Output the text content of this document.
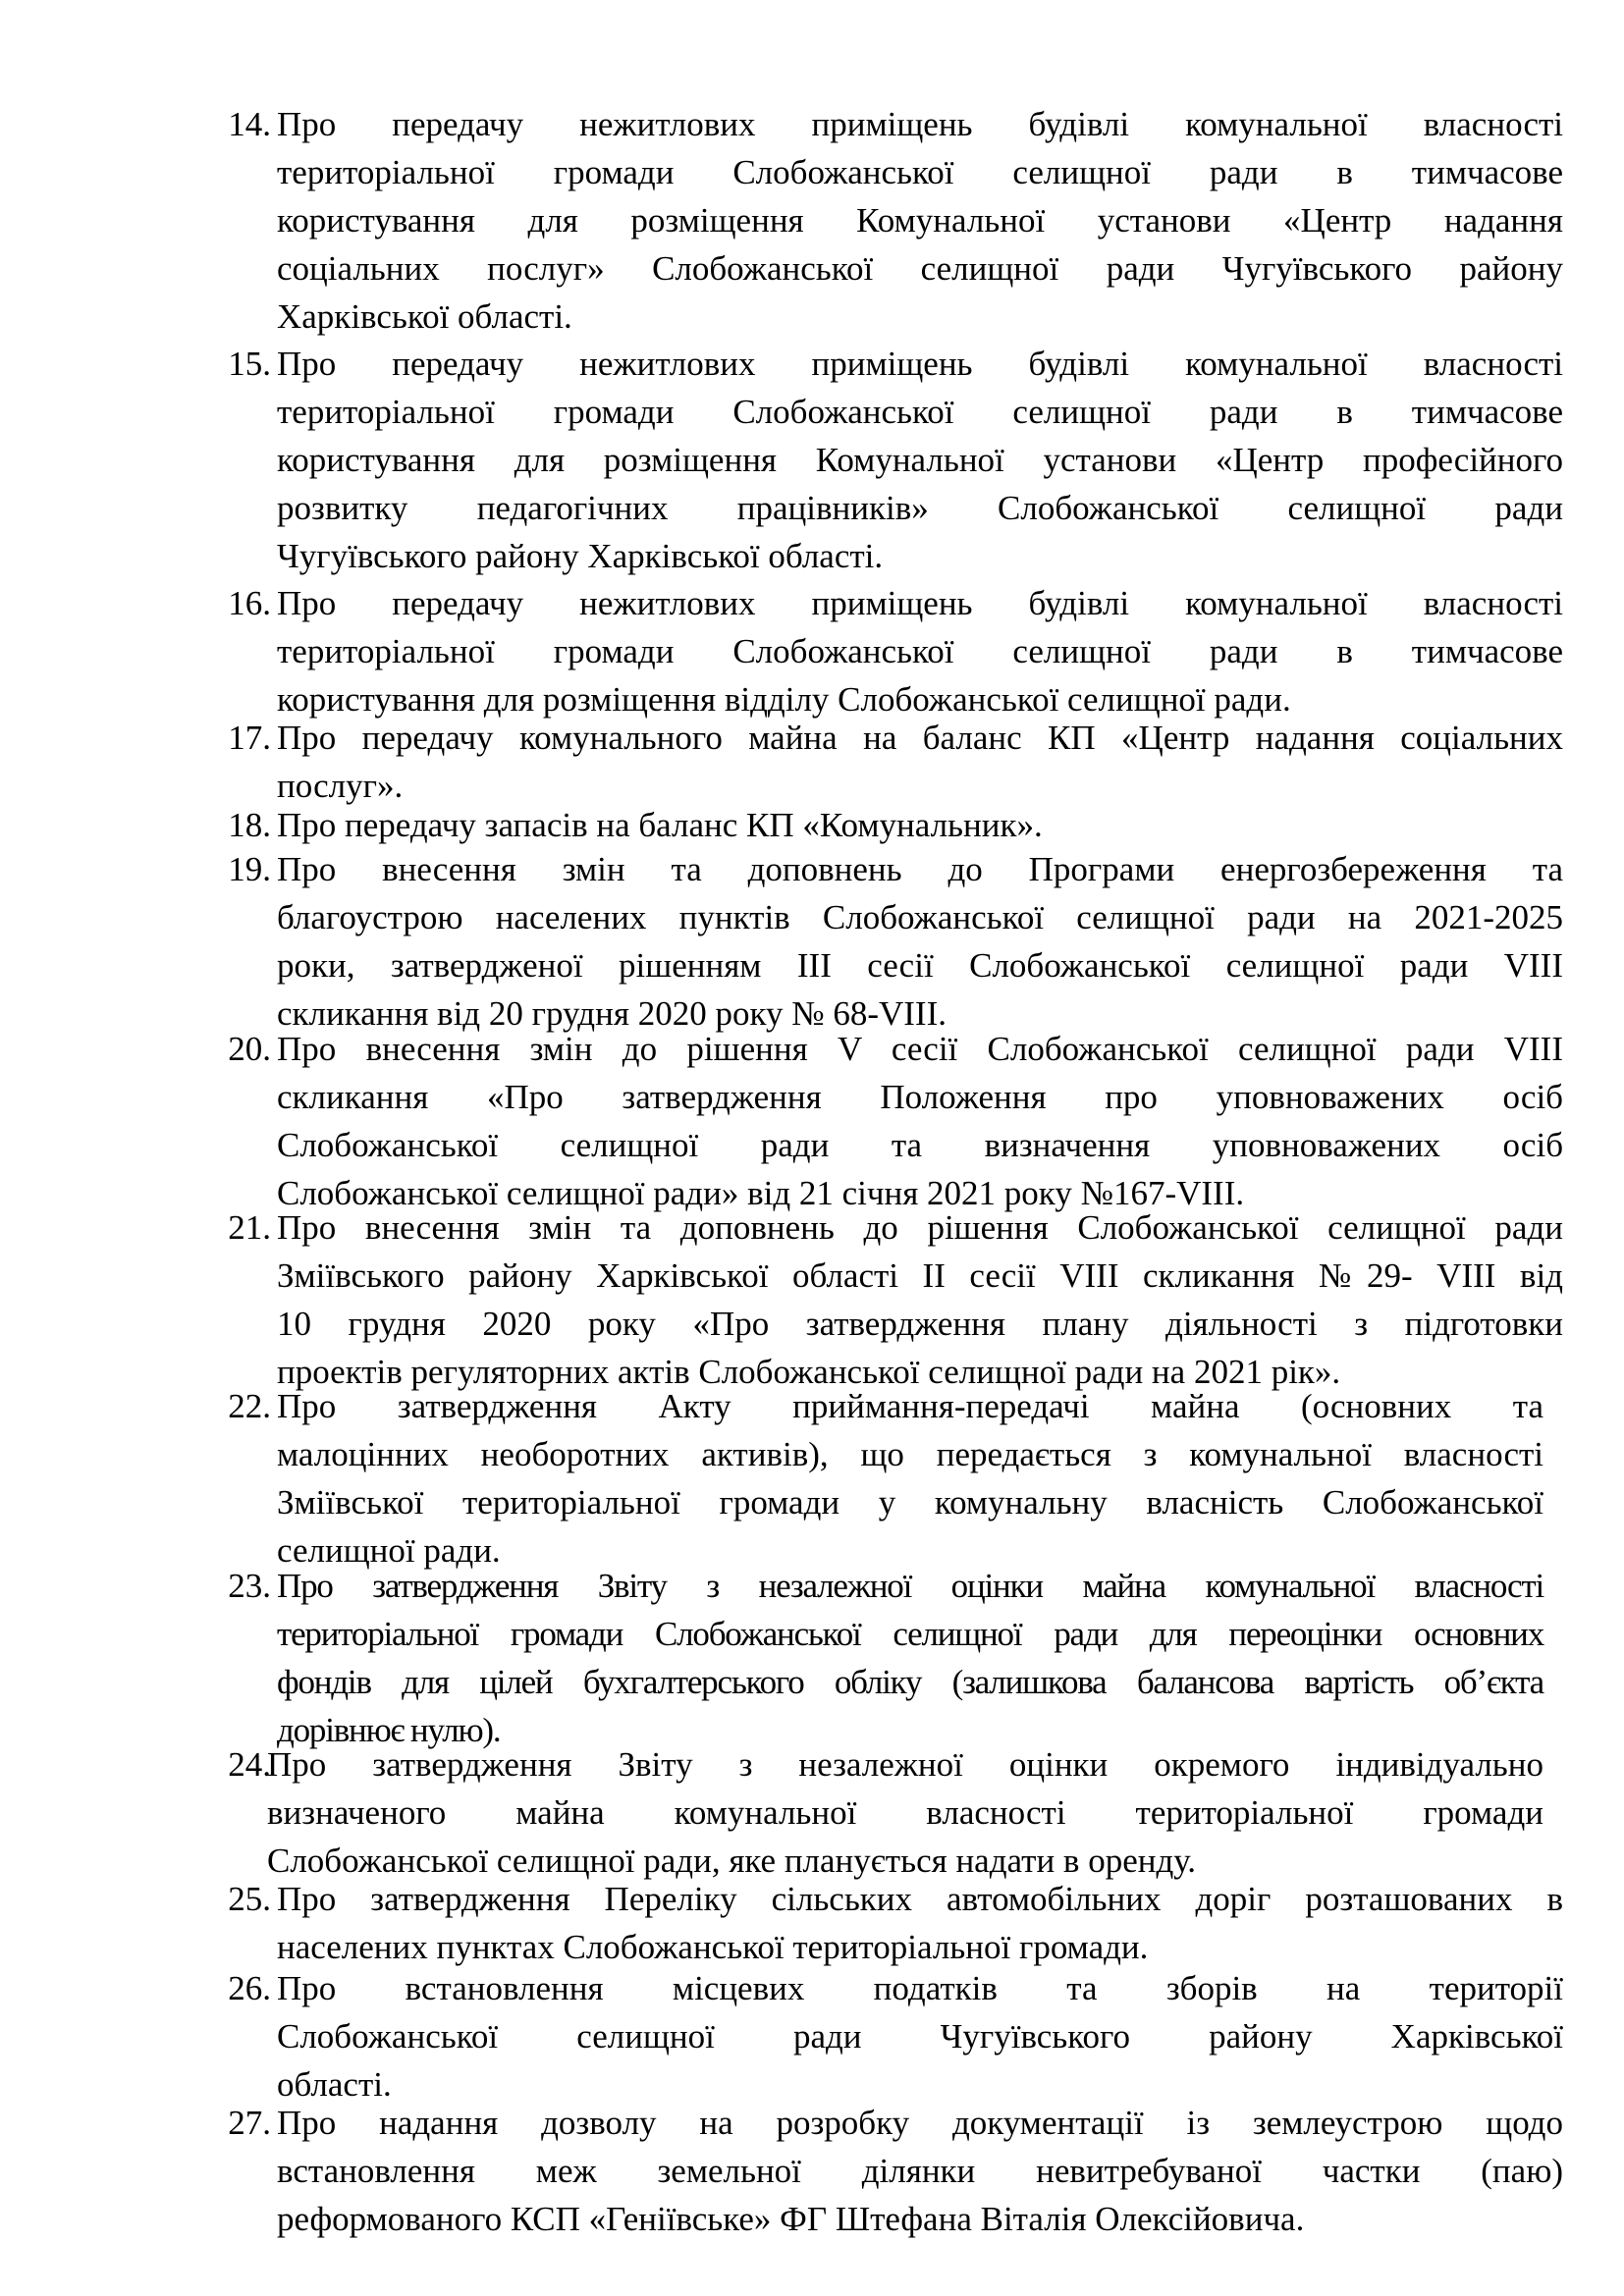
14. Про передачу нежитлових приміщень будівлі комунальної власності
територіальної громади Слобожанської селищної ради в тимчасове
користування для розміщення Комунальної установи «Центр надання
соціальних послуг» Слобожанської селищної ради Чугуївського району
Харківської області.
15. Про передачу нежитлових приміщень будівлі комунальної власності
територіальної громади Слобожанської селищної ради в тимчасове
користування для розміщення Комунальної установи «Центр професійного
розвитку педагогічних працівників» Слобожанської селищної ради
Чугуївського району Харківської області.
16. Про передачу нежитлових приміщень будівлі комунальної власності
територіальної громади Слобожанської селищної ради в тимчасове
користування для розміщення відділу Слобожанської селищної ради.
17. Про передачу комунального майна на баланс КП «Центр надання соціальних
послуг».
18. Про передачу запасів на баланс КП «Комунальник».
19. Про внесення змін та доповнень до Програми енергозбереження та
благоустрою населених пунктів Слобожанської селищної ради на 2021-2025
роки, затвердженої рішенням ІІІ сесії Слобожанської селищної ради VIII
скликання від 20 грудня 2020 року № 68-VIII.
20. Про внесення змін до рішення V сесії Слобожанської селищної ради VIII
скликання «Про затвердження Положення про уповноважених осіб
Слобожанської селищної ради та визначення уповноважених осіб
Слобожанської селищної ради» від 21 січня 2021 року №167-VIII.
21. Про внесення змін та доповнень до рішення Слобожанської селищної ради
Зміївського району Харківської області ІІ сесії VIII скликання №29- VIII від
10 грудня 2020 року «Про затвердження плану діяльності з підготовки
проектів регуляторних актів Слобожанської селищної ради на 2021 рік».
22. Про затвердження Акту приймання-передачі майна (основних та
малоцінних необоротних активів), що передається з комунальної власності
Зміївської територіальної громади у комунальну власність Слобожанської
селищної ради.
23. Про затвердження Звіту з незалежної оцінки майна комунальної власності
територіальної громади Слобожанської селищної ради для переоцінки основних
фондів для цілей бухгалтерського обліку (залишкова балансова вартість об’єкта
дорівнює нулю).
24.
Про затвердження Звіту з незалежної оцінки окремого індивідуально
визначеного майна комунальної власності територіальної громади
Слобожанської селищної ради, яке планується надати в оренду.
25. Про затвердження Переліку сільських автомобільних доріг розташованих в
населених пунктах Слобожанської територіальної громади.
26. Про встановлення місцевих податків та зборів на території
Слобожанської селищної ради Чугуївського району Харківської
області.
27. Про надання дозволу на розробку документації із землеустрою щодо
встановлення меж земельної ділянки невитребуваної частки (паю)
реформованого КСП «Геніївське» ФГ Штефана Віталія Олексійовича.
